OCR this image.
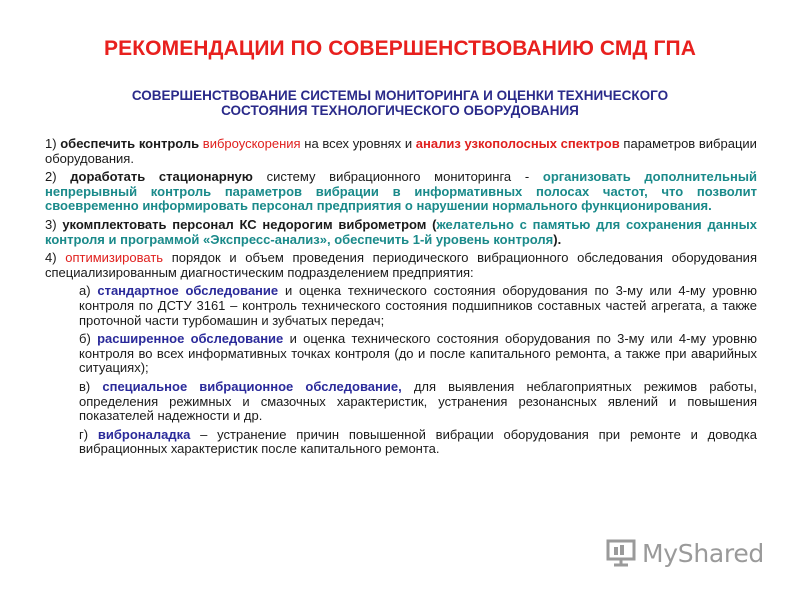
РЕКОМЕНДАЦИИ ПО СОВЕРШЕНСТВОВАНИЮ СМД ГПА
СОВЕРШЕНСТВОВАНИЕ СИСТЕМЫ МОНИТОРИНГА И ОЦЕНКИ ТЕХНИЧЕСКОГО
СОСТОЯНИЯ ТЕХНОЛОГИЧЕСКОГО ОБОРУДОВАНИЯ
1) обеспечить контроль виброускорения на всех уровнях и анализ узкополосных спектров параметров вибрации оборудования.
2) доработать стационарную систему вибрационного мониторинга - организовать дополнительный непрерывный контроль параметров вибрации в информативных полосах частот, что позволит своевременно информировать персонал предприятия о нарушении нормального функционирования.
3) укомплектовать персонал КС недорогим виброметром (желательно с памятью для сохранения данных контроля и программой «Экспресс-анализ», обеспечить 1-й уровень контроля).
4) оптимизировать порядок и объем проведения периодического вибрационного обследования оборудования специализированным диагностическим подразделением предприятия:
а) стандартное обследование и оценка технического состояния оборудования по 3-му или 4-му уровню контроля по ДСТУ 3161 – контроль технического состояния подшипников составных частей агрегата, а также проточной части турбомашин и зубчатых передач;
б) расширенное обследование и оценка технического состояния оборудования по 3-му или 4-му уровню контроля во всех информативных точках контроля (до и после капитального ремонта, а также при аварийных ситуациях);
в) специальное вибрационное обследование, для выявления неблагоприятных режимов работы, определения режимных и смазочных характеристик, устранения резонансных явлений и повышения показателей надежности и др.
г) виброналадка – устранение причин повышенной вибрации оборудования при ремонте и доводка вибрационных характеристик после капитального ремонта.
MyShared
